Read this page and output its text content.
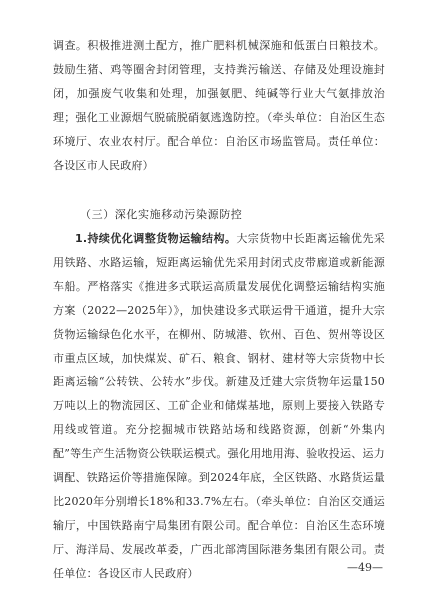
调查。积极推进测土配方，推广肥料机械深施和低蛋白日粮技术。鼓励生猪、鸡等圈舍封闭管理，支持粪污输送、存储及处理设施封闭，加强废气收集和处理，加强氨肥、纯碱等行业大气氨排放治理；强化工业源烟气脱硫脱硝氨逃逸防控。（牵头单位：自治区生态环境厅、农业农村厅。配合单位：自治区市场监管局。责任单位：各设区市人民政府）
（三）深化实施移动污染源防控
1.持续优化调整货物运输结构。大宗货物中长距离运输优先采用铁路、水路运输，短距离运输优先采用封闭式皮带廊道或新能源车船。严格落实《推进多式联运高质量发展优化调整运输结构实施方案（2022—2025年）》，加快建设多式联运骨干通道，提升大宗货物运输绿色化水平，在柳州、防城港、钦州、百色、贺州等设区市重点区域，加快煤炭、矿石、粮食、钢材、建材等大宗货物中长距离运输“公转铁、公转水”步伐。新建及迁建大宗货物年运量150万吨以上的物流园区、工矿企业和储煤基地，原则上要接入铁路专用线或管道。充分挖掘城市铁路站场和线路资源，创新“外集内配”等生产生活物资公铁联运模式。强化用地用海、验收投运、运力调配、铁路运价等措施保障。到2024年底，全区铁路、水路货运量比2020年分别增长18%和33.7%左右。（牵头单位：自治区交通运输厅，中国铁路南宁局集团有限公司。配合单位：自治区生态环境厅、海洋局、发展改革委，广西北部湾国际港务集团有限公司。责任单位：各设区市人民政府）	—49—
